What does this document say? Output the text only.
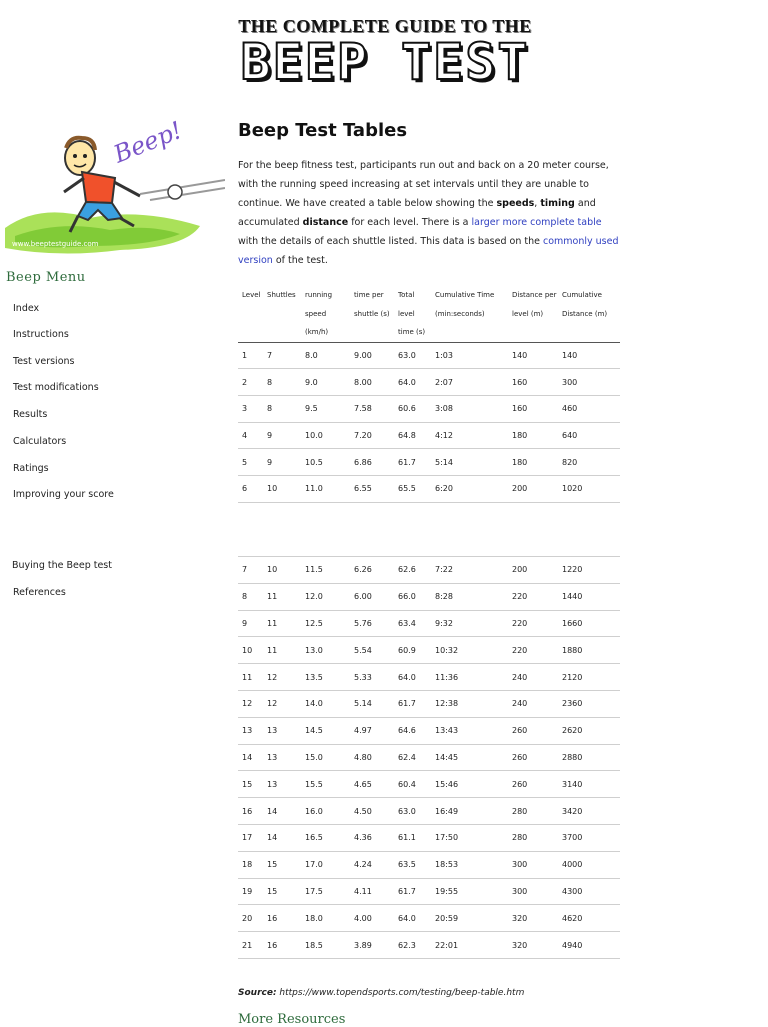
THE COMPLETE GUIDE TO THE
BEEP TEST
Beep!
www.beeptestguide.com
Beep Menu
Index
Instructions
Test versions
Test modifications
Results
Calculators
Ratings
Improving your score
Buying the Beep test
References
Beep Test Tables
For the beep fitness test, participants run out and back on a 20 meter course, with the running speed increasing at set intervals until they are unable to continue. We have created a table below showing the speeds, timing and accumulated distance for each level. There is a larger more complete table with the details of each shuttle listed. This data is based on the commonly used version of the test.
Level	Shuttles	running speed (km/h)	time per shuttle (s)	Total level time (s)	Cumulative Time (min:seconds)	Distance per level (m)	Cumulative Distance (m)
1	7	8.0	9.00	63.0	1:03	140	140
2	8	9.0	8.00	64.0	2:07	160	300
3	8	9.5	7.58	60.6	3:08	160	460
4	9	10.0	7.20	64.8	4:12	180	640
5	9	10.5	6.86	61.7	5:14	180	820
6	10	11.0	6.55	65.5	6:20	200	1020
7	10	11.5	6.26	62.6	7:22	200	1220
8	11	12.0	6.00	66.0	8:28	220	1440
9	11	12.5	5.76	63.4	9:32	220	1660
10	11	13.0	5.54	60.9	10:32	220	1880
11	12	13.5	5.33	64.0	11:36	240	2120
12	12	14.0	5.14	61.7	12:38	240	2360
13	13	14.5	4.97	64.6	13:43	260	2620
14	13	15.0	4.80	62.4	14:45	260	2880
15	13	15.5	4.65	60.4	15:46	260	3140
16	14	16.0	4.50	63.0	16:49	280	3420
17	14	16.5	4.36	61.1	17:50	280	3700
18	15	17.0	4.24	63.5	18:53	300	4000
19	15	17.5	4.11	61.7	19:55	300	4300
20	16	18.0	4.00	64.0	20:59	320	4620
21	16	18.5	3.89	62.3	22:01	320	4940
Source: https://www.topendsports.com/testing/beep-table.htm
More Resources
